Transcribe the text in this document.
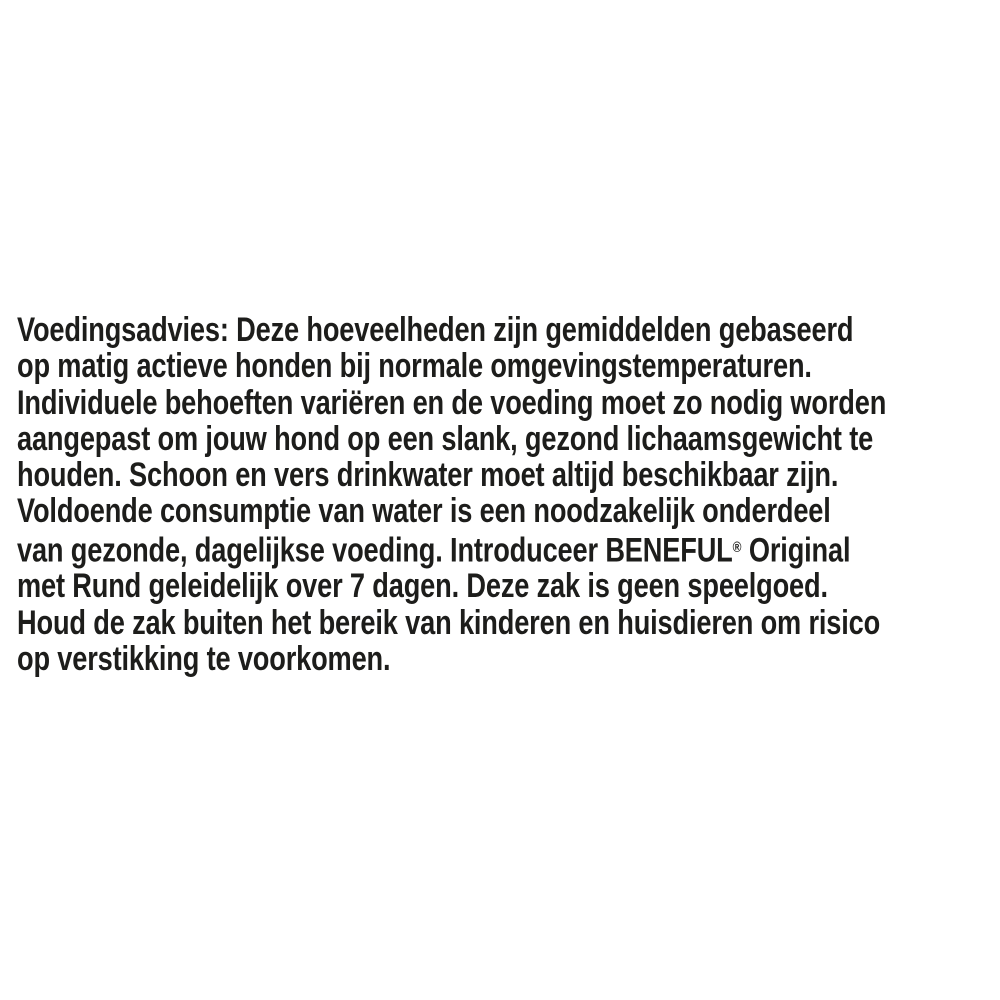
Voedingsadvies: Deze hoeveelheden zijn gemiddelden gebaseerd
op matig actieve honden bij normale omgevingstemperaturen.
Individuele behoeften variëren en de voeding moet zo nodig worden
aangepast om jouw hond op een slank, gezond lichaamsgewicht te
houden. Schoon en vers drinkwater moet altijd beschikbaar zijn.
Voldoende consumptie van water is een noodzakelijk onderdeel
van gezonde, dagelijkse voeding. Introduceer BENEFUL® Original
met Rund geleidelijk over 7 dagen. Deze zak is geen speelgoed.
Houd de zak buiten het bereik van kinderen en huisdieren om risico
op verstikking te voorkomen.
